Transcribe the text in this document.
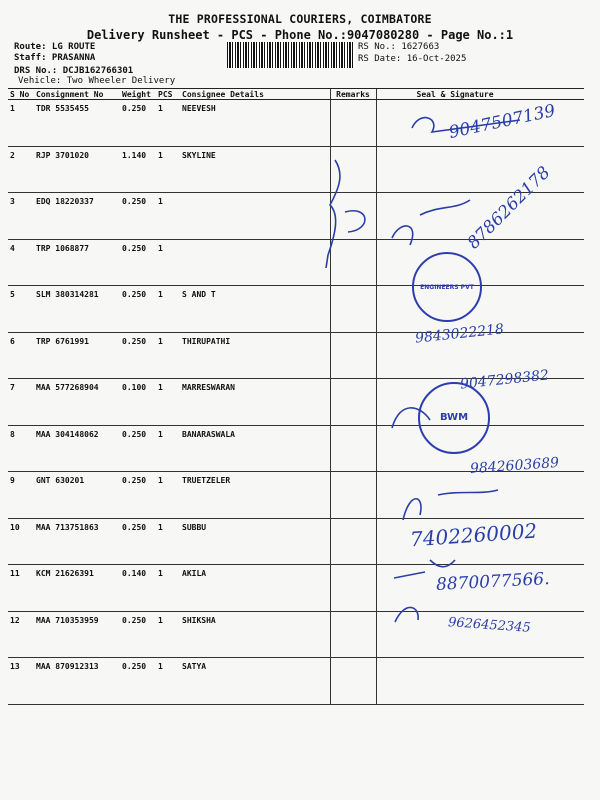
THE PROFESSIONAL COURIERS, COIMBATORE
Delivery Runsheet - PCS - Phone No.:9047080280 - Page No.:1
Route: LG ROUTE
Staff: PRASANNA
DRS No.: DCJB162766301
Vehicle: Two Wheeler Delivery
RS No.: 1627663
RS Date: 16-Oct-2025
S No	Consignment No	Weight	PCS	Consignee Details	Remarks	Seal & Signature
1	TDR 5535455	0.250	1	NEEVESH		
2	RJP 3701020	1.140	1	SKYLINE		
3	EDQ 18220337	0.250	1			
4	TRP 1068877	0.250	1			
5	SLM 380314281	0.250	1	S AND T		
6	TRP 6761991	0.250	1	THIRUPATHI		
7	MAA 577268904	0.100	1	MARRESWARAN		
8	MAA 304148062	0.250	1	BANARASWALA		
9	GNT 630201	0.250	1	TRUETZELER		
10	MAA 713751863	0.250	1	SUBBU		
11	KCM 21626391	0.140	1	AKILA		
12	MAA 710353959	0.250	1	SHIKSHA		
13	MAA 870912313	0.250	1	SATYA		
9047507139
8786262178
9843022218
9047298382
9842603689
7402260002
8870077566.
9626452345
ENGINEERS PVT
BWM
